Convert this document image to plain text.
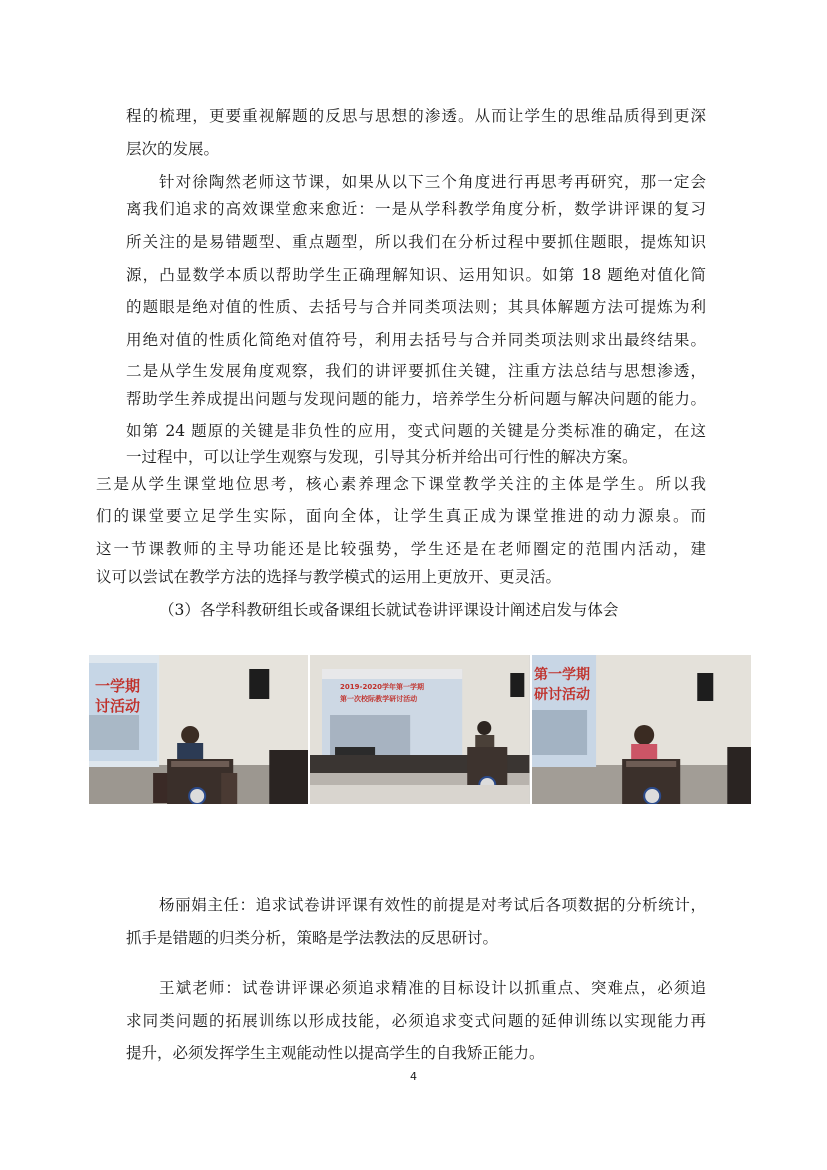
程的梳理，更要重视解题的反思与思想的渗透。从而让学生的思维品质得到更深
层次的发展。
针对徐陶然老师这节课，如果从以下三个角度进行再思考再研究，那一定会
离我们追求的高效课堂愈来愈近：一是从学科教学角度分析，数学讲评课的复习
所关注的是易错题型、重点题型，所以我们在分析过程中要抓住题眼，提炼知识
源，凸显数学本质以帮助学生正确理解知识、运用知识。如第 18 题绝对值化简
的题眼是绝对值的性质、去括号与合并同类项法则；其具体解题方法可提炼为利
用绝对值的性质化简绝对值符号，利用去括号与合并同类项法则求出最终结果。
二是从学生发展角度观察，我们的讲评要抓住关键，注重方法总结与思想渗透，
帮助学生养成提出问题与发现问题的能力，培养学生分析问题与解决问题的能力。
如第 24 题原的关键是非负性的应用，变式问题的关键是分类标准的确定，在这
一过程中，可以让学生观察与发现，引导其分析并给出可行性的解决方案。
三是从学生课堂地位思考，核心素养理念下课堂教学关注的主体是学生。所以我
们的课堂要立足学生实际，面向全体，让学生真正成为课堂推进的动力源泉。而
这一节课教师的主导功能还是比较强势，学生还是在老师圈定的范围内活动，建
议可以尝试在教学方法的选择与教学模式的运用上更放开、更灵活。
（3）各学科教研组长或备课组长就试卷讲评课设计阐述启发与体会
一学期
讨活动
2019-2020学年第一学期
第一次校际教学研讨活动
第一学期
研讨活动
杨丽娟主任：追求试卷讲评课有效性的前提是对考试后各项数据的分析统计，
抓手是错题的归类分析，策略是学法教法的反思研讨。
王斌老师：试卷讲评课必须追求精准的目标设计以抓重点、突难点，必须追
求同类问题的拓展训练以形成技能，必须追求变式问题的延伸训练以实现能力再
提升，必须发挥学生主观能动性以提高学生的自我矫正能力。
4
